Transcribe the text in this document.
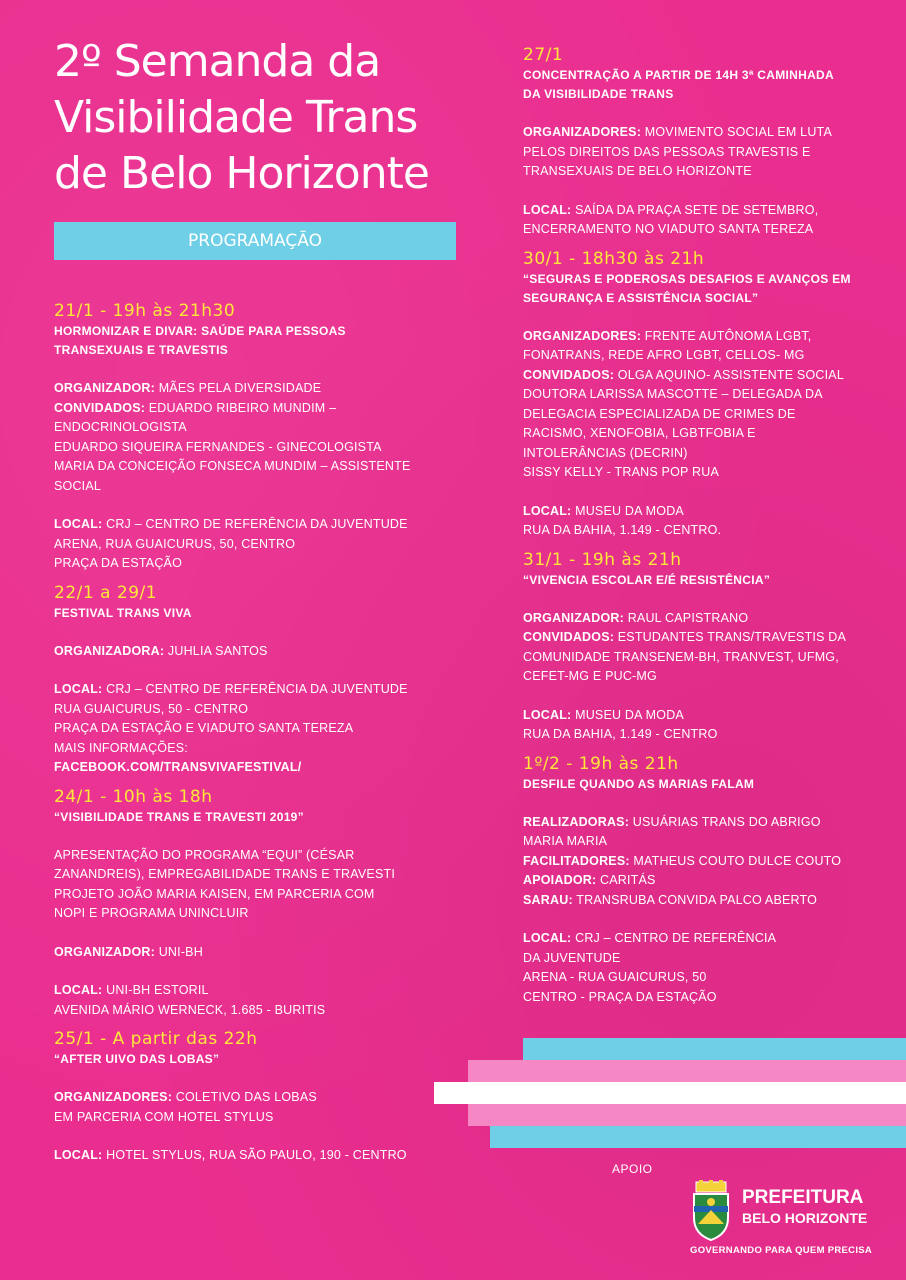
2º Semanda da
Visibilidade Trans
de Belo Horizonte
PROGRAMAÇÃO
21/1 - 19h às 21h30
HORMONIZAR E DIVAR: SAÚDE PARA PESSOAS
TRANSEXUAIS E TRAVESTIS
ORGANIZADOR: MÃES PELA DIVERSIDADE
CONVIDADOS: EDUARDO RIBEIRO MUNDIM –
ENDOCRINOLOGISTA
EDUARDO SIQUEIRA FERNANDES - GINECOLOGISTA
MARIA DA CONCEIÇÃO FONSECA MUNDIM – ASSISTENTE
SOCIAL
LOCAL: CRJ – CENTRO DE REFERÊNCIA DA JUVENTUDE
ARENA, RUA GUAICURUS, 50, CENTRO
PRAÇA DA ESTAÇÃO
22/1 a 29/1
FESTIVAL TRANS VIVA
ORGANIZADORA: JUHLIA SANTOS
LOCAL: CRJ – CENTRO DE REFERÊNCIA DA JUVENTUDE
RUA GUAICURUS, 50 - CENTRO
PRAÇA DA ESTAÇÃO E VIADUTO SANTA TEREZA
MAIS INFORMAÇÕES:
FACEBOOK.COM/TRANSVIVAFESTIVAL/
24/1 - 10h às 18h
“VISIBILIDADE TRANS E TRAVESTI 2019”
APRESENTAÇÃO DO PROGRAMA “EQUI” (CÉSAR
ZANANDREIS), EMPREGABILIDADE TRANS E TRAVESTI
PROJETO JOÃO MARIA KAISEN, EM PARCERIA COM
NOPI E PROGRAMA UNINCLUIR
ORGANIZADOR: UNI-BH
LOCAL: UNI-BH ESTORIL
AVENIDA MÁRIO WERNECK, 1.685 - BURITIS
25/1 - A partir das 22h
“AFTER UIVO DAS LOBAS”
ORGANIZADORES: COLETIVO DAS LOBAS
EM PARCERIA COM HOTEL STYLUS
LOCAL: HOTEL STYLUS, RUA SÃO PAULO, 190 - CENTRO
27/1
CONCENTRAÇÃO A PARTIR DE 14H 3ª CAMINHADA
DA VISIBILIDADE TRANS
ORGANIZADORES: MOVIMENTO SOCIAL EM LUTA
PELOS DIREITOS DAS PESSOAS TRAVESTIS E
TRANSEXUAIS DE BELO HORIZONTE
LOCAL: SAÍDA DA PRAÇA SETE DE SETEMBRO,
ENCERRAMENTO NO VIADUTO SANTA TEREZA
30/1 - 18h30 às 21h
“SEGURAS E PODEROSAS DESAFIOS E AVANÇOS EM
SEGURANÇA E ASSISTÊNCIA SOCIAL”
ORGANIZADORES: FRENTE AUTÔNOMA LGBT,
FONATRANS, REDE AFRO LGBT, CELLOS- MG
CONVIDADOS: OLGA AQUINO- ASSISTENTE SOCIAL
DOUTORA LARISSA MASCOTTE – DELEGADA DA
DELEGACIA ESPECIALIZADA DE CRIMES DE
RACISMO, XENOFOBIA, LGBTFOBIA E
INTOLERÂNCIAS (DECRIN)
SISSY KELLY - TRANS POP RUA
LOCAL: MUSEU DA MODA
RUA DA BAHIA, 1.149 - CENTRO.
31/1 - 19h às 21h
“VIVENCIA ESCOLAR E/É RESISTÊNCIA”
ORGANIZADOR: RAUL CAPISTRANO
CONVIDADOS: ESTUDANTES TRANS/TRAVESTIS DA
COMUNIDADE TRANSENEM-BH, TRANVEST, UFMG,
CEFET-MG E PUC-MG
LOCAL: MUSEU DA MODA
RUA DA BAHIA, 1.149 - CENTRO
1º/2 - 19h às 21h
DESFILE QUANDO AS MARIAS FALAM
REALIZADORAS: USUÁRIAS TRANS DO ABRIGO
MARIA MARIA
FACILITADORES: MATHEUS COUTO DULCE COUTO
APOIADOR: CARITÁS
SARAU: TRANSRUBA CONVIDA PALCO ABERTO
LOCAL: CRJ – CENTRO DE REFERÊNCIA
DA JUVENTUDE
ARENA - RUA GUAICURUS, 50
CENTRO - PRAÇA DA ESTAÇÃO
APOIO
PREFEITURA
BELO HORIZONTE
GOVERNANDO PARA QUEM PRECISA
